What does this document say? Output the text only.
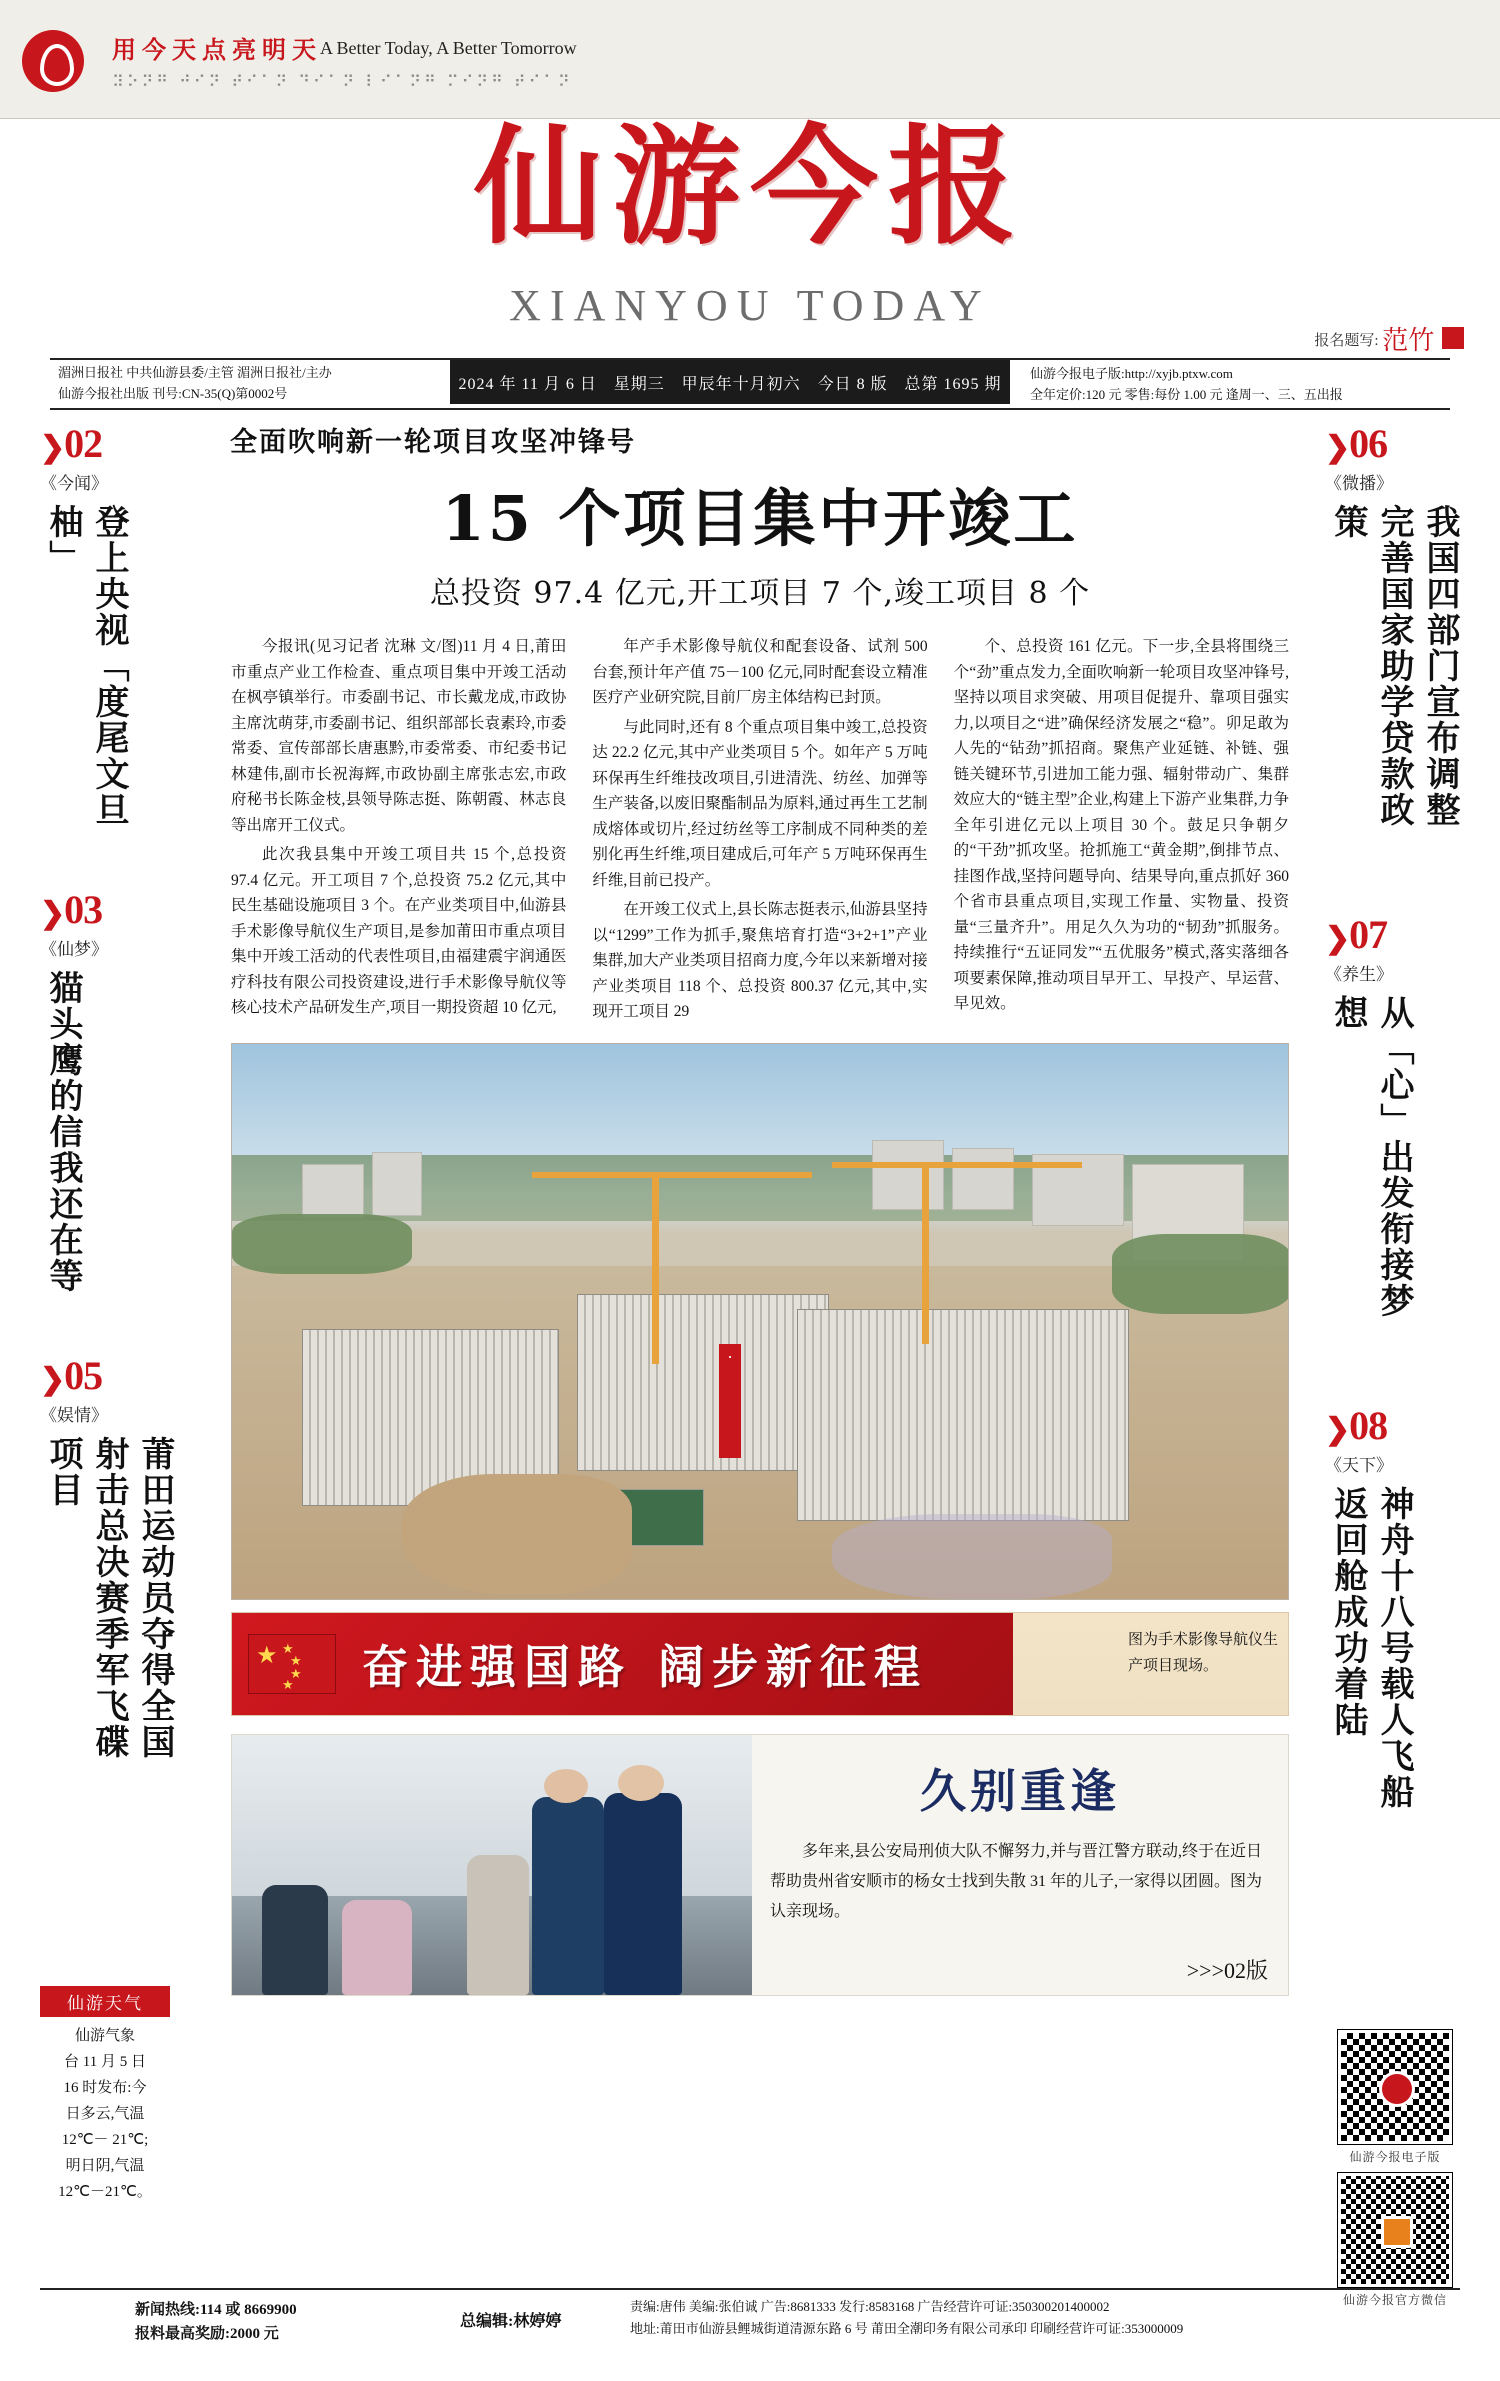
用今天点亮明天
A Better Today, A Better Tomorrow
⠽⠕⠝⠛ ⠚⠊⠝ ⠞⠊⠁⠝ ⠙⠊⠁⠝ ⠇⠊⠁⠝⠛ ⠍⠊⠝⠛ ⠞⠊⠁⠝
仙游今报
XIANYOU TODAY
报名题写: 范竹
湄洲日报社 中共仙游县委/主管 湄洲日报社/主办
仙游今报社出版 刊号:CN-35(Q)第0002号
2024 年 11 月 6 日 星期三 甲辰年十月初六 今日 8 版 总第 1695 期
仙游今报电子版:http://xyjb.ptxw.com
全年定价:120 元 零售:每份 1.00 元 逢周一、三、五出报
❯02
《今闻》
登上央视「度尾文旦柚」
❯03
《仙梦》
猫头鹰的信我还在等
❯05
《娱情》
莆田运动员夺得全国射击总决赛季军飞碟项目
仙游天气
仙游气象
台 11 月 5 日
16 时发布:今
日多云,气温
12℃－ 21℃;
明日阴,气温
12℃－21℃。
❯06
《微播》
我国四部门宣布调整完善国家助学贷款政策
❯07
《养生》
从「心」出发衔接梦想
❯08
《天下》
神舟十八号载人飞船返回舱成功着陆
仙游今报电子版
仙游今报官方微信
全面吹响新一轮项目攻坚冲锋号
15 个项目集中开竣工
总投资 97.4 亿元,开工项目 7 个,竣工项目 8 个

今报讯(见习记者 沈琳 文/图)11 月 4 日,莆田市重点产业工作检查、重点项目集中开竣工活动在枫亭镇举行。市委副书记、市长戴龙成,市政协主席沈萌芽,市委副书记、组织部部长袁素玲,市委常委、宣传部部长唐惠黔,市委常委、市纪委书记林建伟,副市长祝海辉,市政协副主席张志宏,市政府秘书长陈金枝,县领导陈志挺、陈朝霞、林志良等出席开工仪式。

此次我县集中开竣工项目共 15 个,总投资 97.4 亿元。开工项目 7 个,总投资 75.2 亿元,其中民生基础设施项目 3 个。在产业类项目中,仙游县手术影像导航仪生产项目,是参加莆田市重点项目集中开竣工活动的代表性项目,由福建震宇润通医疗科技有限公司投资建设,进行手术影像导航仪等核心技术产品研发生产,项目一期投资超 10 亿元,

年产手术影像导航仪和配套设备、试剂 500 台套,预计年产值 75－100 亿元,同时配套设立精准医疗产业研究院,目前厂房主体结构已封顶。

与此同时,还有 8 个重点项目集中竣工,总投资达 22.2 亿元,其中产业类项目 5 个。如年产 5 万吨环保再生纤维技改项目,引进清洗、纺丝、加弹等生产装备,以废旧聚酯制品为原料,通过再生工艺制成熔体或切片,经过纺丝等工序制成不同种类的差别化再生纤维,项目建成后,可年产 5 万吨环保再生纤维,目前已投产。

在开竣工仪式上,县长陈志挺表示,仙游县坚持以“1299”工作为抓手,聚焦培育打造“3+2+1”产业集群,加大产业类项目招商力度,今年以来新增对接产业类项目 118 个、总投资 800.37 亿元,其中,实现开工项目 29

个、总投资 161 亿元。下一步,全县将围绕三个“劲”重点发力,全面吹响新一轮项目攻坚冲锋号,坚持以项目求突破、用项目促提升、靠项目强实力,以项目之“进”确保经济发展之“稳”。卯足敢为人先的“钻劲”抓招商。聚焦产业延链、补链、强链关键环节,引进加工能力强、辐射带动广、集群效应大的“链主型”企业,构建上下游产业集群,力争全年引进亿元以上项目 30 个。鼓足只争朝夕的“干劲”抓攻坚。抢抓施工“黄金期”,倒排节点、挂图作战,坚持问题导向、结果导向,重点抓好 360 个省市县重点项目,实现工作量、实物量、投资量“三量齐升”。用足久久为功的“韧劲”抓服务。持续推行“五证同发”“五优服务”模式,落实落细各项要素保障,推动项目早开工、早投产、早运营、早见效。

·
★ ★
★
★
★ 奋进强国路 阔步新征程	图为手术影像导航仪生产项目现场。
久别重逢
多年来,县公安局刑侦大队不懈努力,并与晋江警方联动,终于在近日帮助贵州省安顺市的杨女士找到失散 31 年的儿子,一家得以团圆。图为认亲现场。
>>>02版
新闻热线:114 或 8669900
报料最高奖励:2000 元
总编辑:林婷婷
责编:唐伟 美编:张伯诚 广告:8681333 发行:8583168 广告经营许可证:350300201400002
地址:莆田市仙游县鲤城街道清源东路 6 号 莆田全潮印务有限公司承印 印刷经营许可证:353000009
